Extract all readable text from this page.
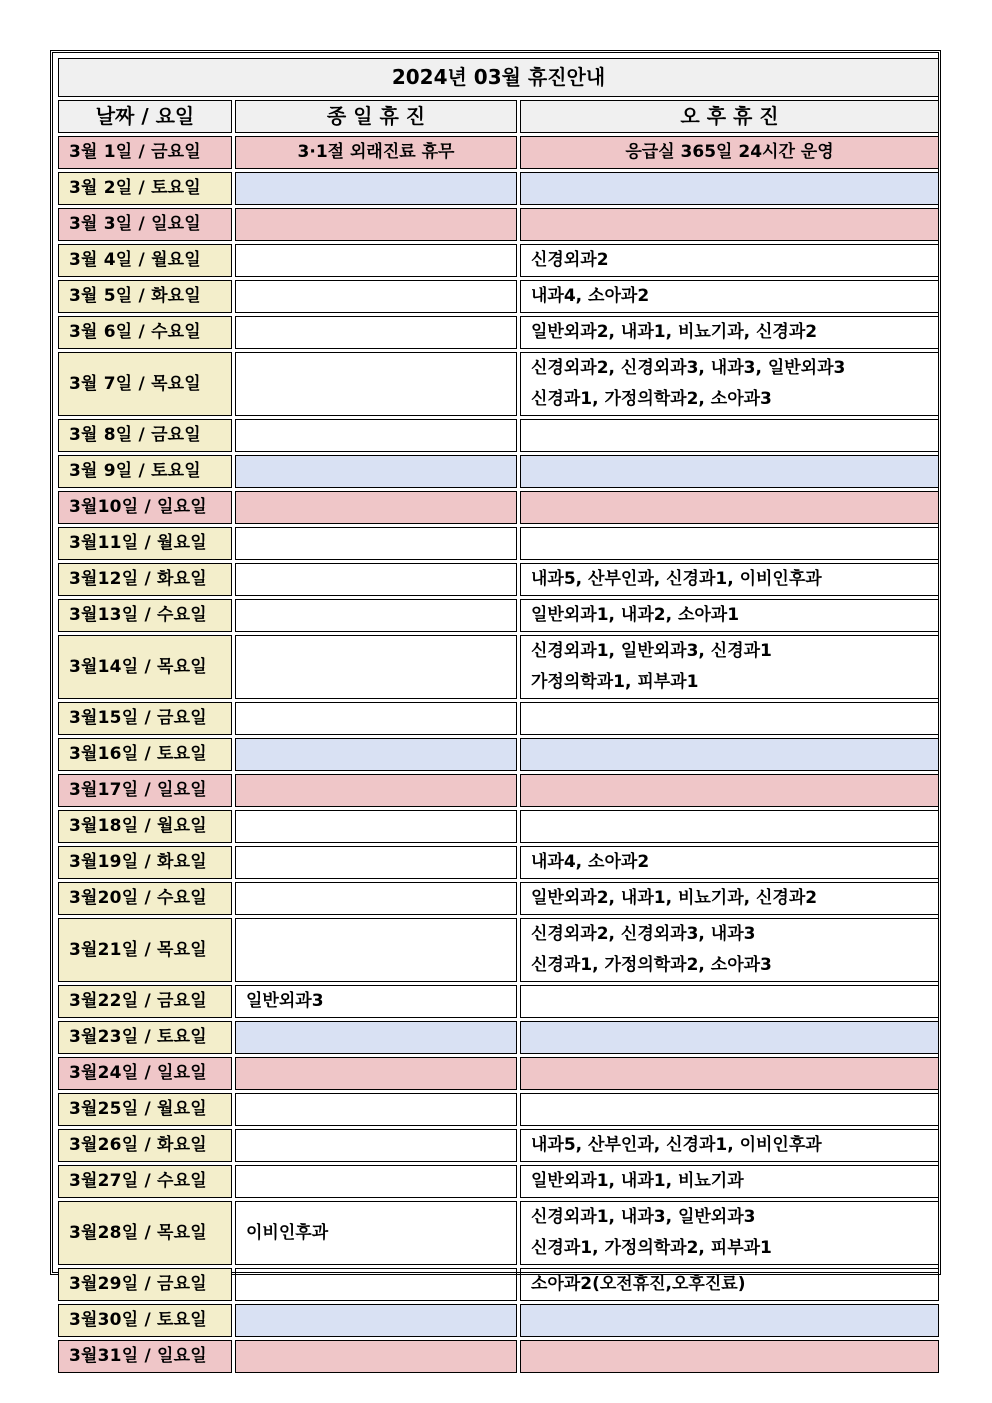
2024년 03월 휴진안내		
날짜 / 요일	종 일 휴 진	오 후 휴 진
3월 1일 / 금요일	3·1절 외래진료 휴무	응급실 365일 24시간 운영

3월 2일 / 토요일		

3월 3일 / 일요일		

3월 4일 / 월요일		신경외과2

3월 5일 / 화요일		내과4, 소아과2

3월 6일 / 수요일		일반외과2, 내과1, 비뇨기과, 신경과2

3월 7일 / 목요일		신경외과2, 신경외과3, 내과3, 일반외과3
신경과1, 가정의학과2, 소아과3

3월 8일 / 금요일		

3월 9일 / 토요일		

3월10일 / 일요일		

3월11일 / 월요일		

3월12일 / 화요일		내과5, 산부인과, 신경과1, 이비인후과

3월13일 / 수요일		일반외과1, 내과2, 소아과1

3월14일 / 목요일		신경외과1, 일반외과3, 신경과1
가정의학과1, 피부과1

3월15일 / 금요일		

3월16일 / 토요일		

3월17일 / 일요일		

3월18일 / 월요일		

3월19일 / 화요일		내과4, 소아과2

3월20일 / 수요일		일반외과2, 내과1, 비뇨기과, 신경과2

3월21일 / 목요일		신경외과2, 신경외과3, 내과3
신경과1, 가정의학과2, 소아과3

3월22일 / 금요일	일반외과3	

3월23일 / 토요일		

3월24일 / 일요일		

3월25일 / 월요일		

3월26일 / 화요일		내과5, 산부인과, 신경과1, 이비인후과

3월27일 / 수요일		일반외과1, 내과1, 비뇨기과

3월28일 / 목요일	이비인후과	신경외과1, 내과3, 일반외과3
신경과1, 가정의학과2, 피부과1

3월29일 / 금요일		소아과2(오전휴진,오후진료)

3월30일 / 토요일		

3월31일 / 일요일		
